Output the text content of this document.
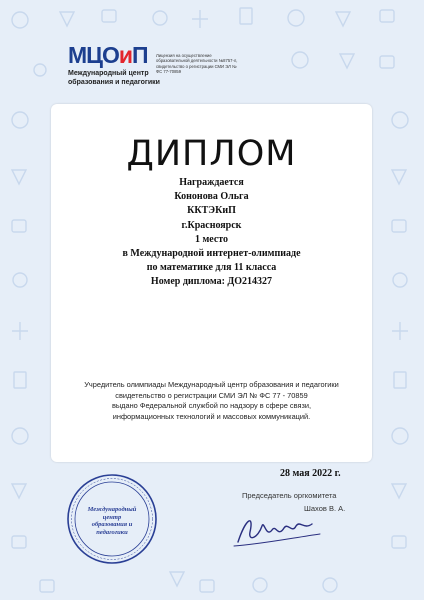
МЦОиП
Международный центр
образования и педагогики
Лицензия на осуществление образовательной деятельности №8757-л, свидетельство о регистрации СМИ ЭЛ № ФС 77-70859
ДИПЛОМ
Награждается
Кононова Ольга
ККТЭКиП
г.Красноярск
1 место
в Международной интернет-олимпиаде
по математике для 11 класса
Номер диплома: ДО214327
Учредитель олимпиады Международный центр образования и педагогики
свидетельство о регистрации СМИ ЭЛ № ФС 77 - 70859
выдано Федеральной службой по надзору в сфере связи,
информационных технологий и массовых коммуникаций.
28 мая 2022 г.
Председатель оргкомитета
Шахов В. А.
Международный
центр
образования и
педагогики
